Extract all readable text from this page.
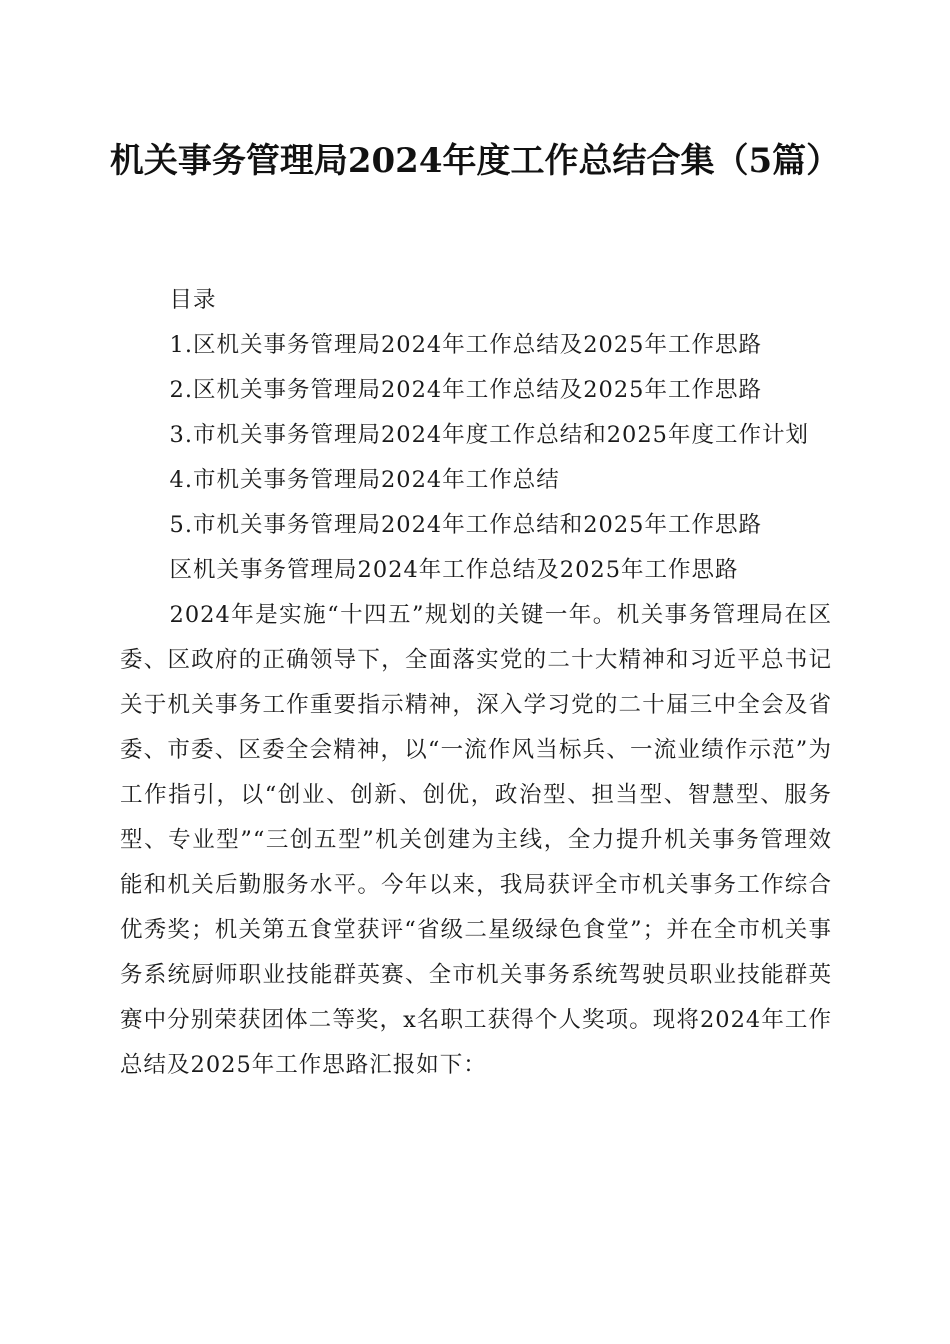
机关事务管理局2024年度工作总结合集（5篇）

目录

1.区机关事务管理局2024年工作总结及2025年工作思路

2.区机关事务管理局2024年工作总结及2025年工作思路

3.市机关事务管理局2024年度工作总结和2025年度工作计划

4.市机关事务管理局2024年工作总结

5.市机关事务管理局2024年工作总结和2025年工作思路

区机关事务管理局2024年工作总结及2025年工作思路

2024年是实施“十四五”规划的关键一年。机关事务管理局在区委、区政府的正确领导下，全面落实党的二十大精神和习近平总书记关于机关事务工作重要指示精神，深入学习党的二十届三中全会及省委、市委、区委全会精神，以“一流作风当标兵、一流业绩作示范”为工作指引，以“创业、创新、创优，政治型、担当型、智慧型、服务型、专业型”“三创五型”机关创建为主线，全力提升机关事务管理效能和机关后勤服务水平。今年以来，我局获评全市机关事务工作综合优秀奖；机关第五食堂获评“省级二星级绿色食堂”；并在全市机关事务系统厨师职业技能群英赛、全市机关事务系统驾驶员职业技能群英赛中分别荣获团体二等奖，x名职工获得个人奖项。现将2024年工作总结及2025年工作思路汇报如下：
